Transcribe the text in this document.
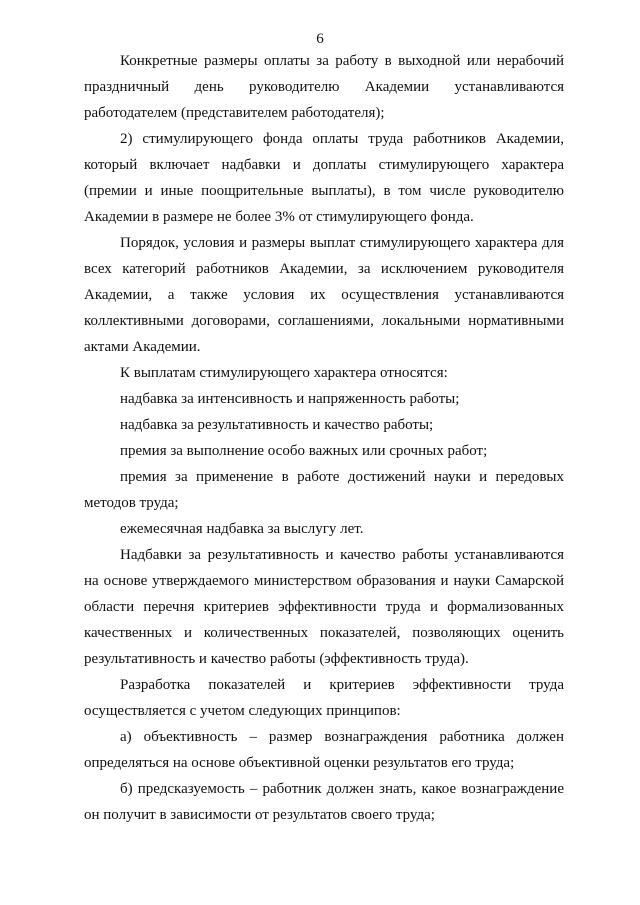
6

Конкретные размеры оплаты за работу в выходной или нерабочий праздничный день руководителю Академии устанавливаются работодателем (представителем работодателя);

2) стимулирующего фонда оплаты труда работников Академии, который включает надбавки и доплаты стимулирующего характера (премии и иные поощрительные выплаты), в том числе руководителю Академии в размере не более 3% от стимулирующего фонда.

Порядок, условия и размеры выплат стимулирующего характера для всех категорий работников Академии, за исключением руководителя Академии, а также условия их осуществления устанавливаются коллективными договорами, соглашениями, локальными нормативными актами Академии.

К выплатам стимулирующего характера относятся:

надбавка за интенсивность и напряженность работы;

надбавка за результативность и качество работы;

премия за выполнение особо важных или срочных работ;

премия за применение в работе достижений науки и передовых методов труда;

ежемесячная надбавка за выслугу лет.

Надбавки за результативность и качество работы устанавливаются на основе утверждаемого министерством образования и науки Самарской области перечня критериев эффективности труда и формализованных качественных и количественных показателей, позволяющих оценить результативность и качество работы (эффективность труда).

Разработка показателей и критериев эффективности труда осуществляется с учетом следующих принципов:

а) объективность – размер вознаграждения работника должен определяться на основе объективной оценки результатов его труда;

б) предсказуемость – работник должен знать, какое вознаграждение он получит в зависимости от результатов своего труда;
